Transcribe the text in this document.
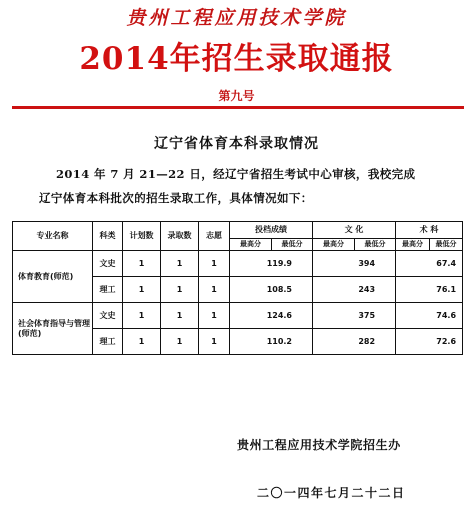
贵州工程应用技术学院
2014年招生录取通报
第九号
辽宁省体育本科录取情况
2014 年 7 月 21—22 日，经辽宁省招生考试中心审核，我校完成
辽宁体育本科批次的招生录取工作，具体情况如下：
专业名称	科类	计划数	录取数	志愿	投档成绩		文 化		术 科	
					最高分	最低分	最高分	最低分	最高分	最低分
体育教育(师范)	文史	1	1	1	119.9		394		67.4	
	理工	1	1	1	108.5		243		76.1	
社会体育指导与管理(师范)	文史	1	1	1	124.6		375		74.6	
	理工	1	1	1	110.2		282		72.6	
贵州工程应用技术学院招生办
二〇一四年七月二十二日
